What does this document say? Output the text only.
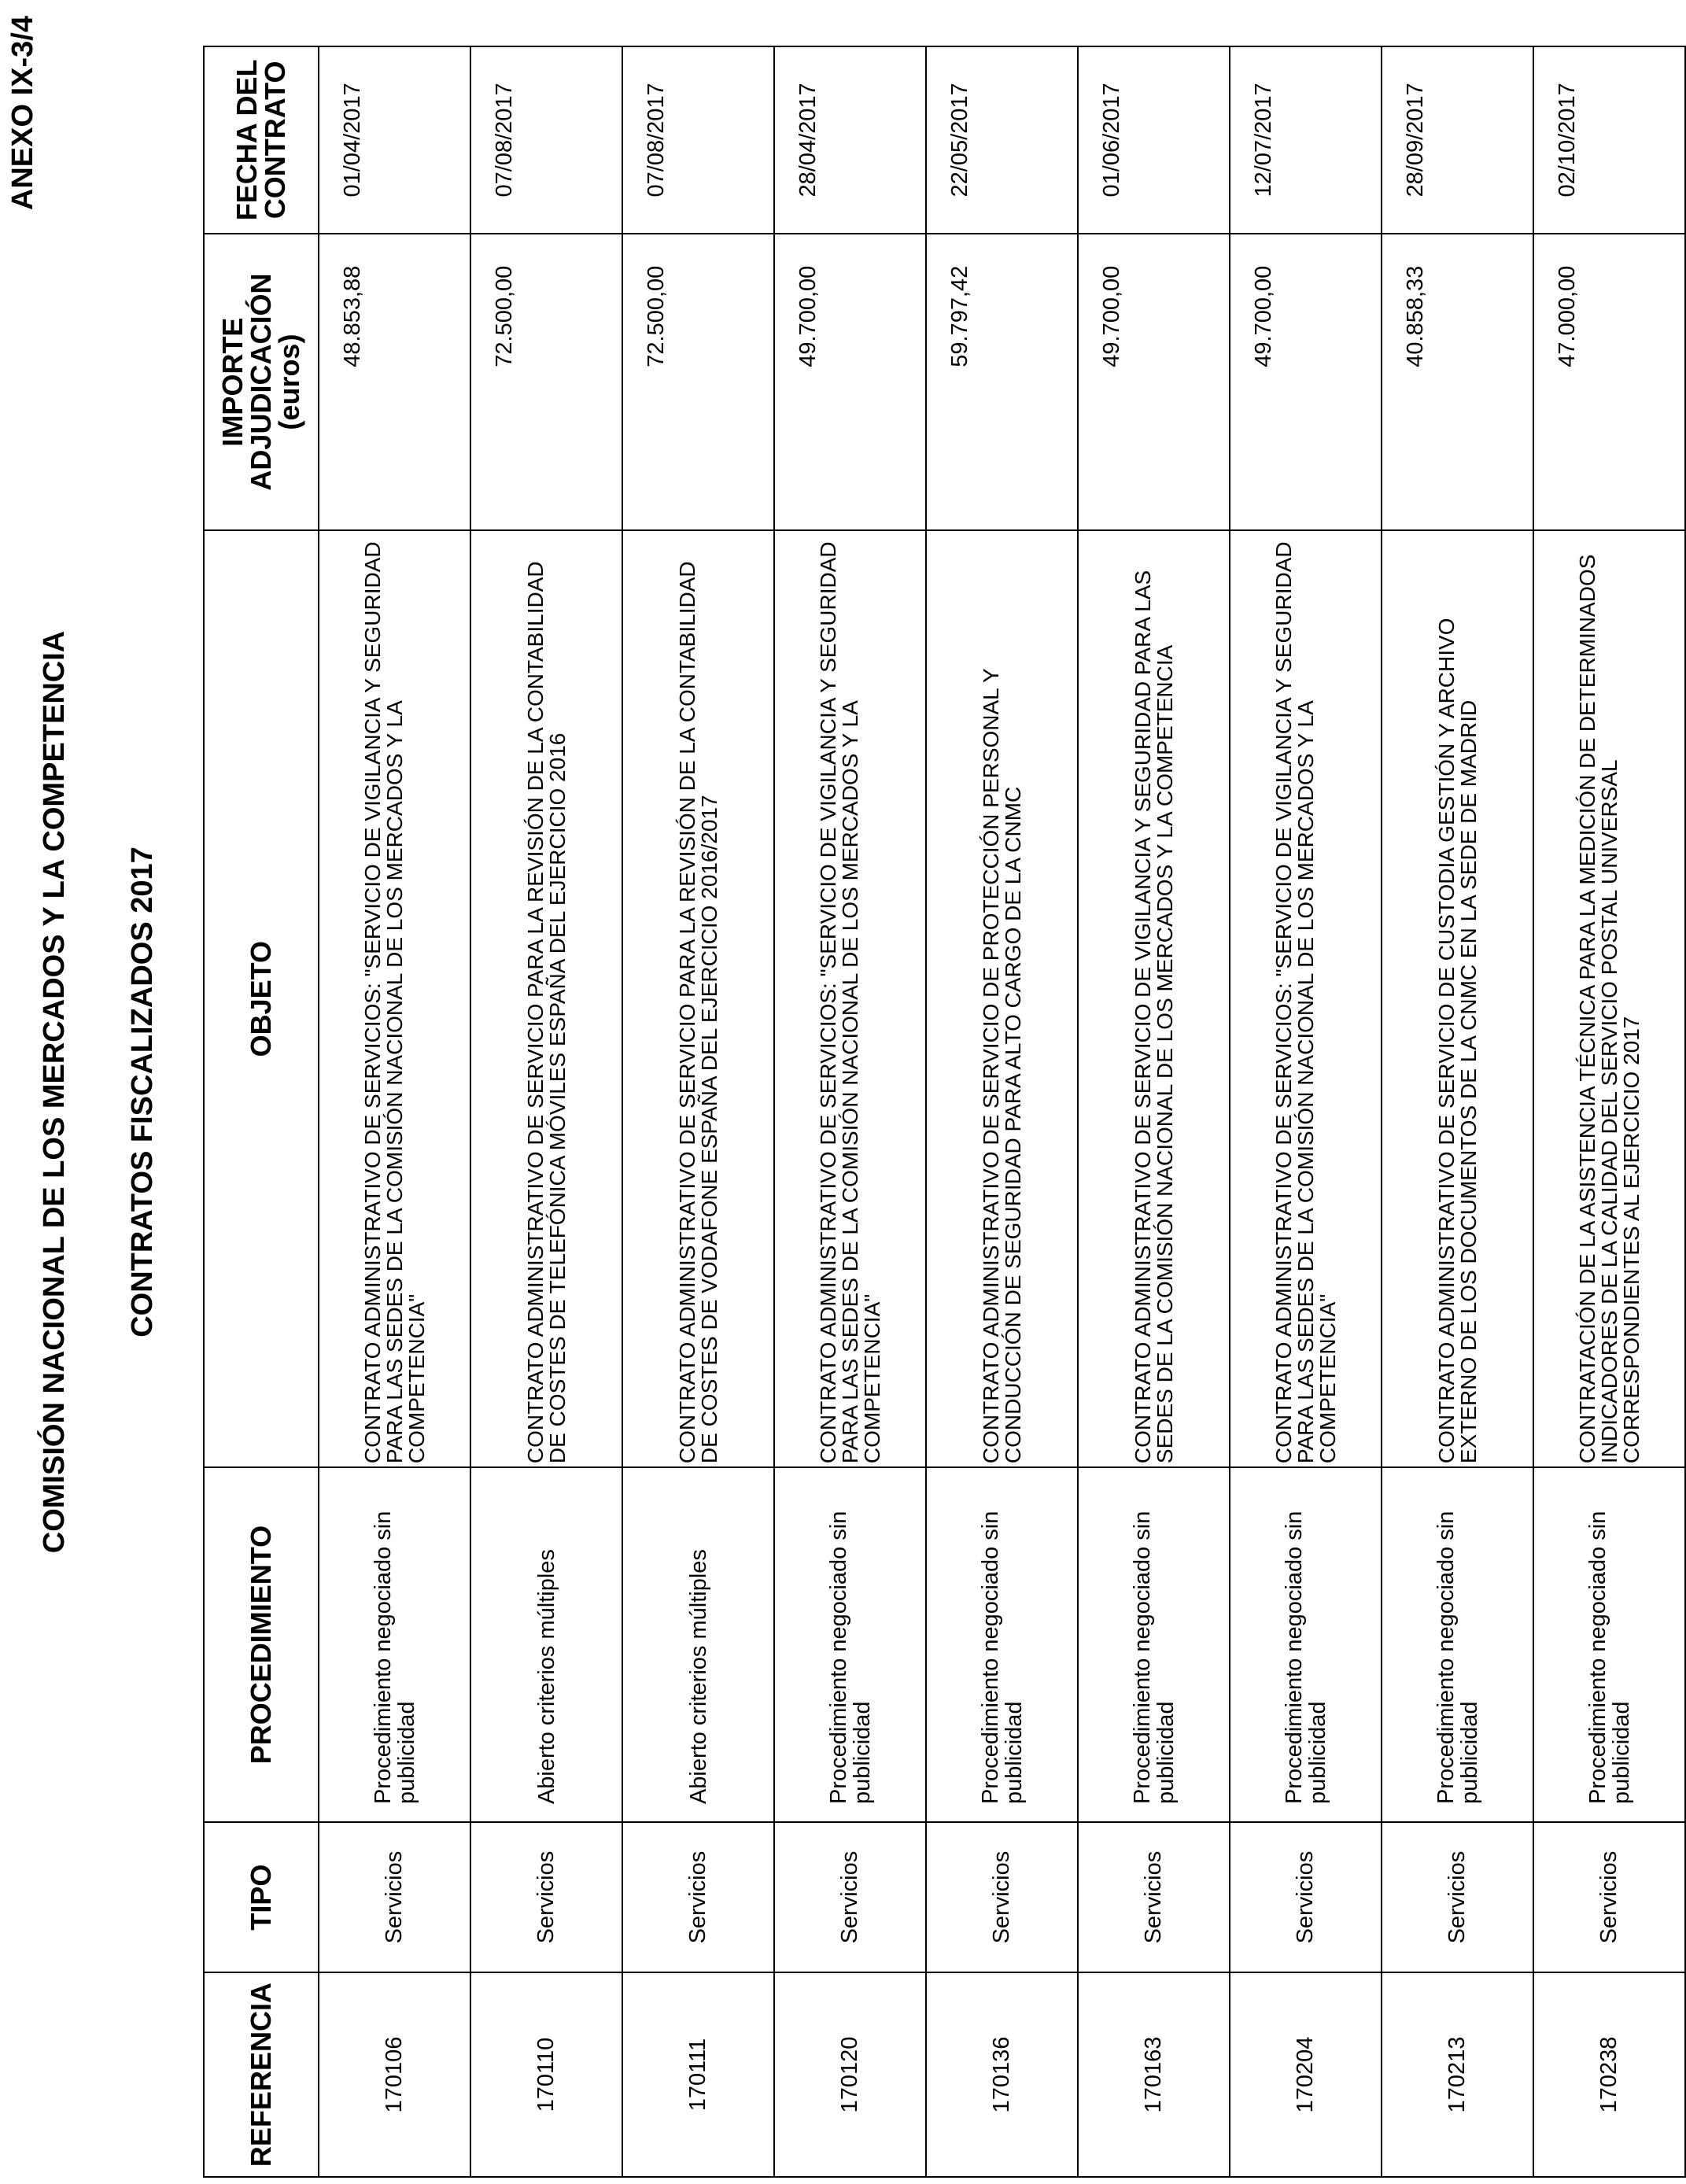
ANEXO IX-3/4
COMISIÓN NACIONAL DE LOS MERCADOS Y LA COMPETENCIA CONTRATOS FISCALIZADOS 2017
REFERENCIA	TIPO	PROCEDIMIENTO	OBJETO	IMPORTE ADJUDICACIÓN (euros)	FECHA DEL CONTRATO
170106	Servicios	Procedimiento negociado sin publicidad	CONTRATO ADMINISTRATIVO DE SERVICIOS: "SERVICIO DE VIGILANCIA Y SEGURIDAD PARA LAS SEDES DE LA COMISIÓN NACIONAL DE LOS MERCADOS Y LA COMPETENCIA"	48.853,88	01/04/2017
170110	Servicios	Abierto criterios múltiples	CONTRATO ADMINISTRATIVO DE SERVICIO PARA LA REVISIÓN DE LA CONTABILIDAD DE COSTES DE TELEFÓNICA MÓVILES ESPAÑA DEL EJERCICIO 2016	72.500,00	07/08/2017
170111	Servicios	Abierto criterios múltiples	CONTRATO ADMINISTRATIVO DE SERVICIO PARA LA REVISIÓN DE LA CONTABILIDAD DE COSTES DE VODAFONE ESPAÑA DEL EJERCICIO 2016/2017	72.500,00	07/08/2017
170120	Servicios	Procedimiento negociado sin publicidad	CONTRATO ADMINISTRATIVO DE SERVICIOS: "SERVICIO DE VIGILANCIA Y SEGURIDAD PARA LAS SEDES DE LA COMISIÓN NACIONAL DE LOS MERCADOS Y LA COMPETENCIA"	49.700,00	28/04/2017
170136	Servicios	Procedimiento negociado sin publicidad	CONTRATO ADMINISTRATIVO DE SERVICIO DE PROTECCIÓN PERSONAL Y CONDUCCIÓN DE SEGURIDAD PARA ALTO CARGO DE LA CNMC	59.797,42	22/05/2017
170163	Servicios	Procedimiento negociado sin publicidad	CONTRATO ADMINISTRATIVO DE SERVICIO DE VIGILANCIA Y SEGURIDAD PARA LAS SEDES DE LA COMISIÓN NACIONAL DE LOS MERCADOS Y LA COMPETENCIA	49.700,00	01/06/2017
170204	Servicios	Procedimiento negociado sin publicidad	CONTRATO ADMINISTRATIVO DE SERVICIOS: "SERVICIO DE VIGILANCIA Y SEGURIDAD PARA LAS SEDES DE LA COMISIÓN NACIONAL DE LOS MERCADOS Y LA COMPETENCIA"	49.700,00	12/07/2017
170213	Servicios	Procedimiento negociado sin publicidad	CONTRATO ADMINISTRATIVO DE SERVICIO DE CUSTODIA GESTIÓN Y ARCHIVO EXTERNO DE LOS DOCUMENTOS DE LA CNMC EN LA SEDE DE MADRID	40.858,33	28/09/2017
170238	Servicios	Procedimiento negociado sin publicidad	CONTRATACIÓN DE LA ASISTENCIA TÉCNICA PARA LA MEDICIÓN DE DETERMINADOS INDICADORES DE LA CALIDAD DEL SERVICIO POSTAL UNIVERSAL CORRESPONDIENTES AL EJERCICIO 2017	47.000,00	02/10/2017
